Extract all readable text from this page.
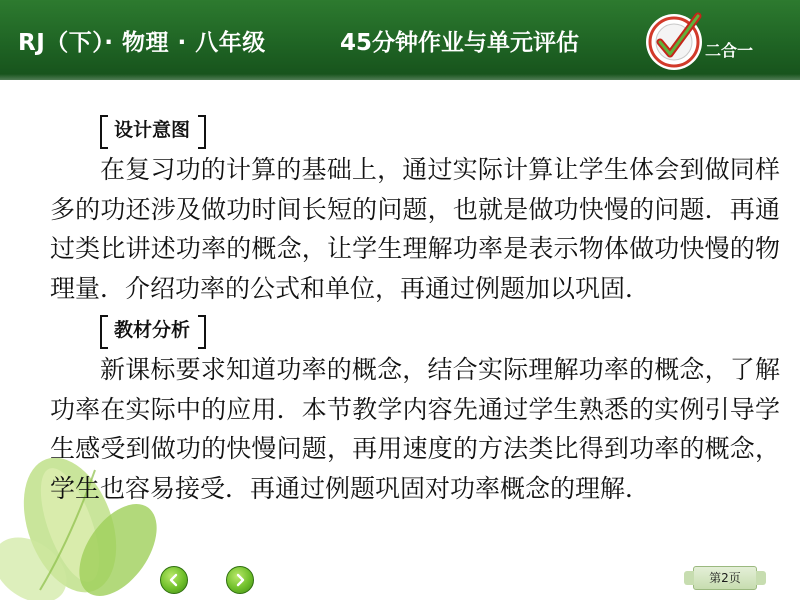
RJ（下）· 物理 · 八年级	45分钟作业与单元评估	二合一
设计意图

在复习功的计算的基础上，通过实际计算让学生体会到做同样多的功还涉及做功时间长短的问题，也就是做功快慢的问题．再通过类比讲述功率的概念，让学生理解功率是表示物体做功快慢的物理量．介绍功率的公式和单位，再通过例题加以巩固．

教材分析

新课标要求知道功率的概念，结合实际理解功率的概念，了解功率在实际中的应用．本节教学内容先通过学生熟悉的实例引导学生感受到做功的快慢问题，再用速度的方法类比得到功率的概念，学生也容易接受．再通过例题巩固对功率概念的理解．

第2页
